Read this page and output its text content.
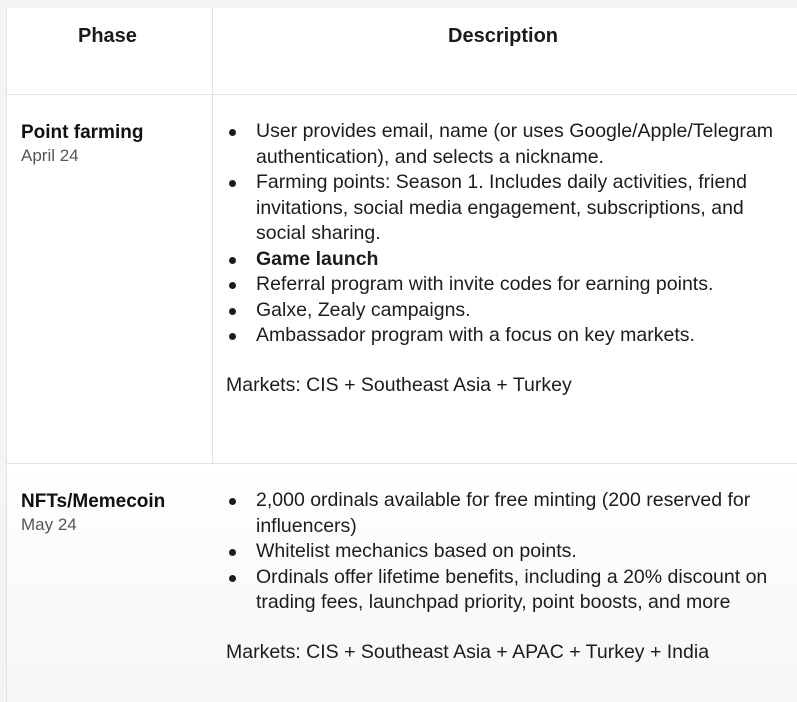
Phase	Description
Point farming
April 24
User provides email, name (or uses Google/Apple/Telegram authentication), and selects a nickname.
Farming points: Season 1. Includes daily activities, friend invitations, social media engagement, subscriptions, and social sharing.
Game launch
Referral program with invite codes for earning points.
Galxe, Zealy campaigns.
Ambassador program with a focus on key markets.
Markets: CIS + Southeast Asia + Turkey
NFTs/Memecoin
May 24
2,000 ordinals available for free minting (200 reserved for influencers)
Whitelist mechanics based on points.
Ordinals offer lifetime benefits, including a 20% discount on trading fees, launchpad priority, point boosts, and more
Markets: CIS + Southeast Asia + APAC + Turkey + India
